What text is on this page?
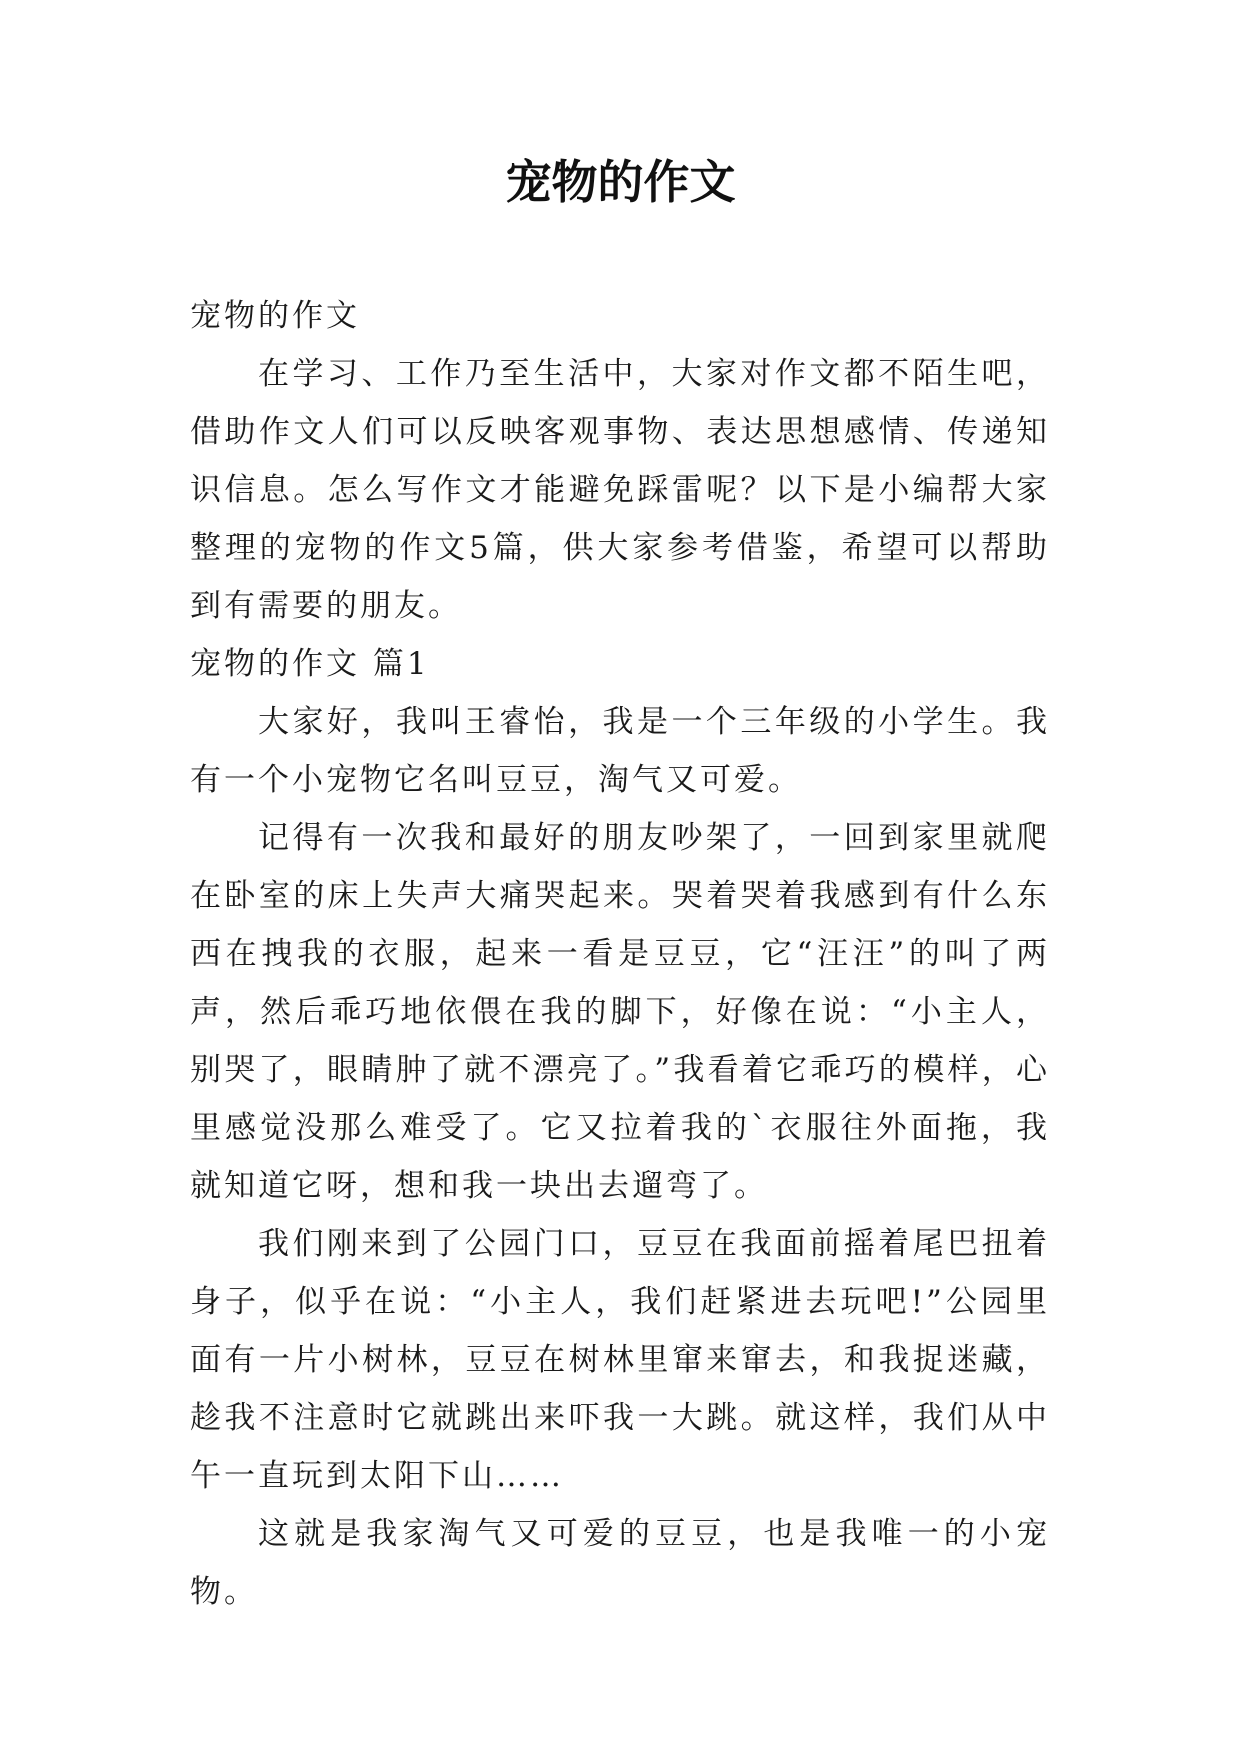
宠物的作文

宠物的作文

在学习、工作乃至生活中，大家对作文都不陌生吧，借助作文人们可以反映客观事物、表达思想感情、传递知识信息。怎么写作文才能避免踩雷呢？以下是小编帮大家整理的宠物的作文5篇，供大家参考借鉴，希望可以帮助到有需要的朋友。

宠物的作文 篇1

大家好，我叫王睿怡，我是一个三年级的小学生。我有一个小宠物它名叫豆豆，淘气又可爱。

记得有一次我和最好的朋友吵架了，一回到家里就爬在卧室的床上失声大痛哭起来。哭着哭着我感到有什么东西在拽我的衣服，起来一看是豆豆，它“汪汪”的叫了两声，然后乖巧地依偎在我的脚下，好像在说：“小主人，别哭了，眼睛肿了就不漂亮了。”我看着它乖巧的模样，心里感觉没那么难受了。它又拉着我的`衣服往外面拖，我就知道它呀，想和我一块出去遛弯了。

我们刚来到了公园门口，豆豆在我面前摇着尾巴扭着身子，似乎在说：“小主人，我们赶紧进去玩吧!”公园里面有一片小树林，豆豆在树林里窜来窜去，和我捉迷藏，趁我不注意时它就跳出来吓我一大跳。就这样，我们从中午一直玩到太阳下山……

这就是我家淘气又可爱的豆豆，也是我唯一的小宠物。
